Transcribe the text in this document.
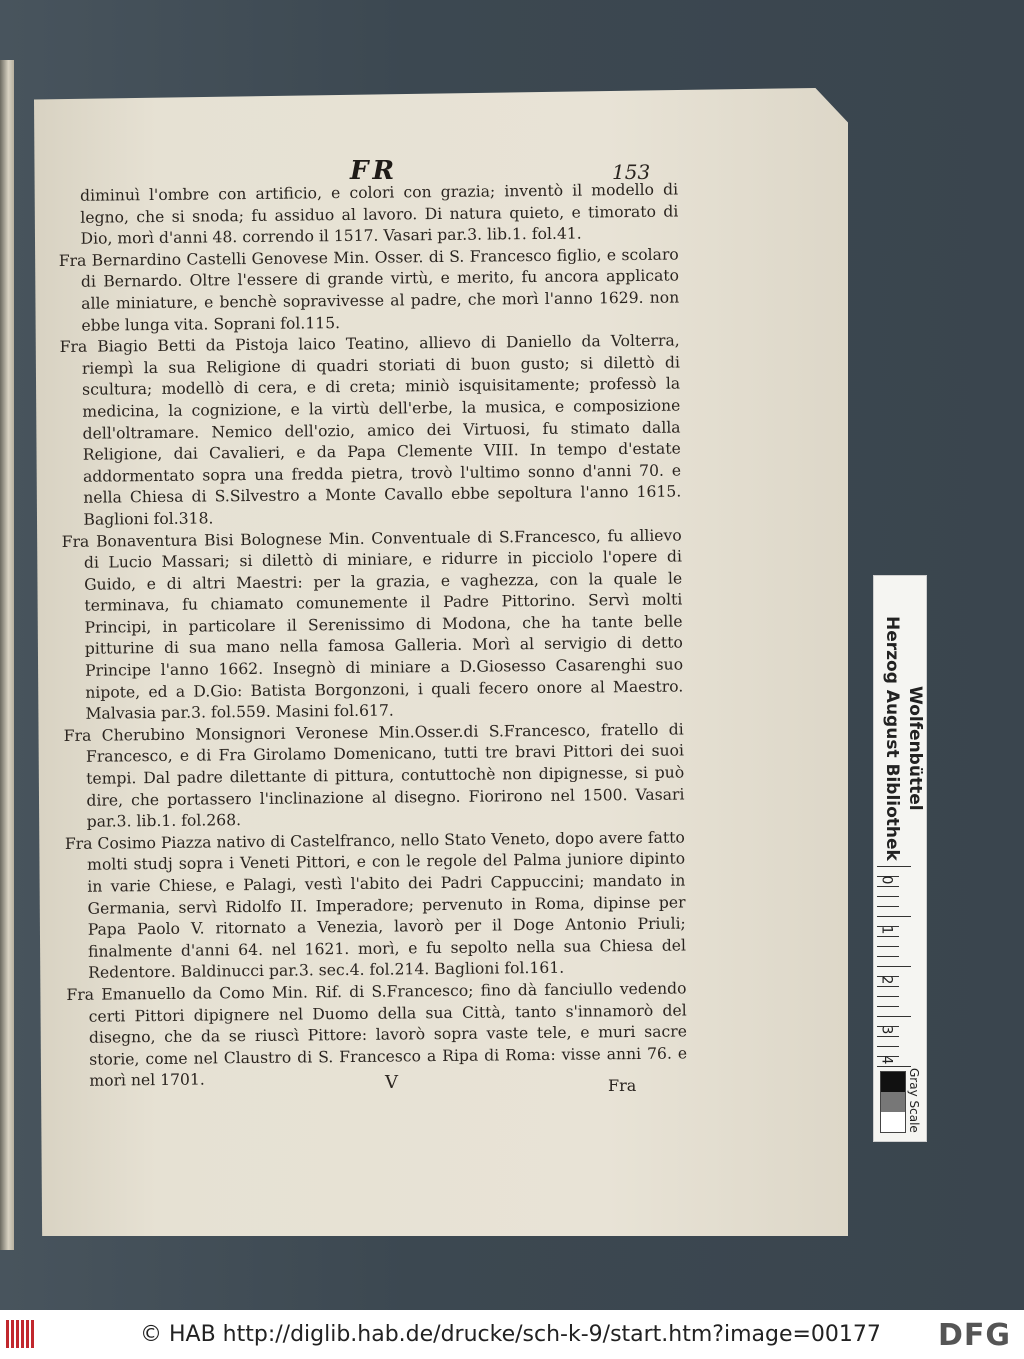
FR	153

diminuì l'ombre con artificio, e colori con grazia; inventò il modello di legno, che si snoda; fu assiduo al lavoro. Di natura quieto, e timorato di Dio, morì d'anni 48. correndo il 1517. Vasari par.3. lib.1. fol.41.

Fra Bernardino Castelli Genovese Min. Osser. di S. Francesco figlio, e scolaro di Bernardo. Oltre l'essere di grande virtù, e merito, fu ancora applicato alle miniature, e benchè sopravivesse al padre, che morì l'anno 1629. non ebbe lunga vita. Soprani fol.115.

Fra Biagio Betti da Pistoja laico Teatino, allievo di Daniello da Volterra, riempì la sua Religione di quadri storiati di buon gusto; si dilettò di scultura; modellò di cera, e di creta; miniò isquisitamente; professò la medicina, la cognizione, e la virtù dell'erbe, la musica, e composizione dell'oltramare. Nemico dell'ozio, amico dei Virtuosi, fu stimato dalla Religione, dai Cavalieri, e da Papa Clemente VIII. In tempo d'estate addormentato sopra una fredda pietra, trovò l'ultimo sonno d'anni 70. e nella Chiesa di S.Silvestro a Monte Cavallo ebbe sepoltura l'anno 1615. Baglioni fol.318.

Fra Bonaventura Bisi Bolognese Min. Conventuale di S.Francesco, fu allievo di Lucio Massari; si dilettò di miniare, e ridurre in picciolo l'opere di Guido, e di altri Maestri: per la grazia, e vaghezza, con la quale le terminava, fu chiamato comunemente il Padre Pittorino. Servì molti Principi, in particolare il Serenissimo di Modona, che ha tante belle pitturine di sua mano nella famosa Galleria. Morì al servigio di detto Principe l'anno 1662. Insegnò di miniare a D.Giosesso Casarenghi suo nipote, ed a D.Gio: Batista Borgonzoni, i quali fecero onore al Maestro. Malvasia par.3. fol.559. Masini fol.617.

Fra Cherubino Monsignori Veronese Min.Osser.di S.Francesco, fratello di Francesco, e di Fra Girolamo Domenicano, tutti tre bravi Pittori dei suoi tempi. Dal padre dilettante di pittura, contuttochè non dipignesse, si può dire, che portassero l'inclinazione al disegno. Fiorirono nel 1500. Vasari par.3. lib.1. fol.268.

Fra Cosimo Piazza nativo di Castelfranco, nello Stato Veneto, dopo avere fatto molti studj sopra i Veneti Pittori, e con le regole del Palma juniore dipinto in varie Chiese, e Palagi, vestì l'abito dei Padri Cappuccini; mandato in Germania, servì Ridolfo II. Imperadore; pervenuto in Roma, dipinse per Papa Paolo V. ritornato a Venezia, lavorò per il Doge Antonio Priuli; finalmente d'anni 64. nel 1621. morì, e fu sepolto nella sua Chiesa del Redentore. Baldinucci par.3. sec.4. fol.214. Baglioni fol.161.

Fra Emanuello da Como Min. Rif. di S.Francesco; fino dà fanciullo vedendo certi Pittori dipignere nel Duomo della sua Città, tanto s'innamorò del disegno, che da se riuscì Pittore: lavorò sopra vaste tele, e muri sacre storie, come nel Claustro di S. Francesco a Ripa di Roma: visse anni 76. e morì nel 1701.	V	Fra
Herzog August Bibliothek Wolfenbüttel
0
1
2
3
4
Gray Scale
© HAB http://diglib.hab.de/drucke/sch-k-9/start.htm?image=00177 DFG
